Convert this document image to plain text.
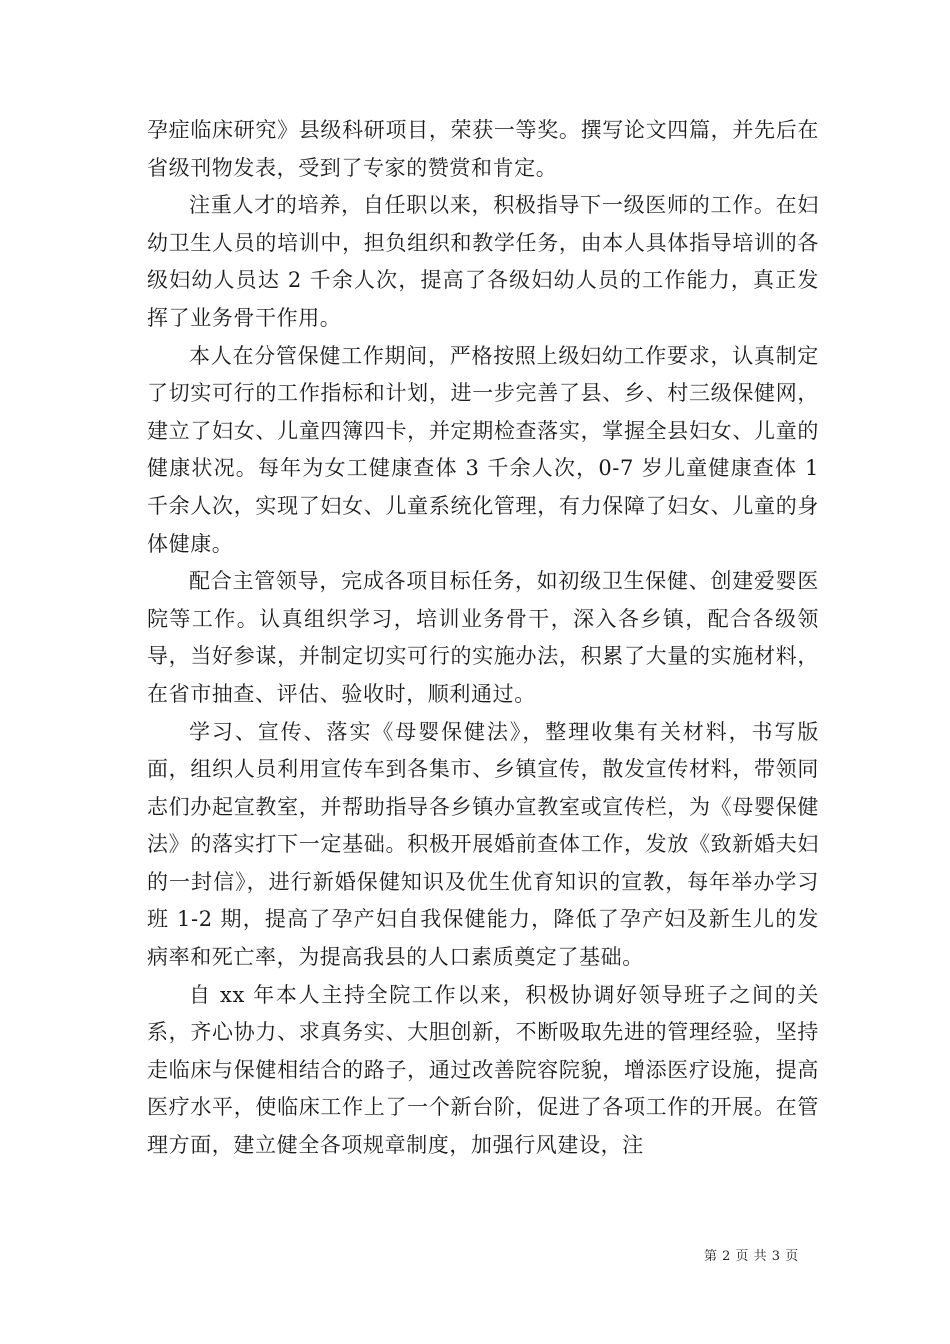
孕症临床研究》县级科研项目，荣获一等奖。撰写论文四篇，并先后在省级刊物发表，受到了专家的赞赏和肯定。

注重人才的培养，自任职以来，积极指导下一级医师的工作。在妇幼卫生人员的培训中，担负组织和教学任务，由本人具体指导培训的各级妇幼人员达 2 千余人次，提高了各级妇幼人员的工作能力，真正发挥了业务骨干作用。

本人在分管保健工作期间，严格按照上级妇幼工作要求，认真制定了切实可行的工作指标和计划，进一步完善了县、乡、村三级保健网，建立了妇女、儿童四簿四卡，并定期检查落实，掌握全县妇女、儿童的健康状况。每年为女工健康查体 3 千余人次，0-7 岁儿童健康查体 1 千余人次，实现了妇女、儿童系统化管理，有力保障了妇女、儿童的身体健康。

配合主管领导，完成各项目标任务，如初级卫生保健、创建爱婴医院等工作。认真组织学习，培训业务骨干，深入各乡镇，配合各级领导，当好参谋，并制定切实可行的实施办法，积累了大量的实施材料，在省市抽查、评估、验收时，顺利通过。

学习、宣传、落实《母婴保健法》，整理收集有关材料，书写版面，组织人员利用宣传车到各集市、乡镇宣传，散发宣传材料，带领同志们办起宣教室，并帮助指导各乡镇办宣教室或宣传栏，为《母婴保健法》的落实打下一定基础。积极开展婚前查体工作，发放《致新婚夫妇的一封信》，进行新婚保健知识及优生优育知识的宣教，每年举办学习班 1-2 期，提高了孕产妇自我保健能力，降低了孕产妇及新生儿的发病率和死亡率，为提高我县的人口素质奠定了基础。

自 xx 年本人主持全院工作以来，积极协调好领导班子之间的关系，齐心协力、求真务实、大胆创新，不断吸取先进的管理经验，坚持走临床与保健相结合的路子，通过改善院容院貌，增添医疗设施，提高医疗水平，使临床工作上了一个新台阶，促进了各项工作的开展。在管理方面，建立健全各项规章制度，加强行风建设，注

第 2 页 共 3 页
